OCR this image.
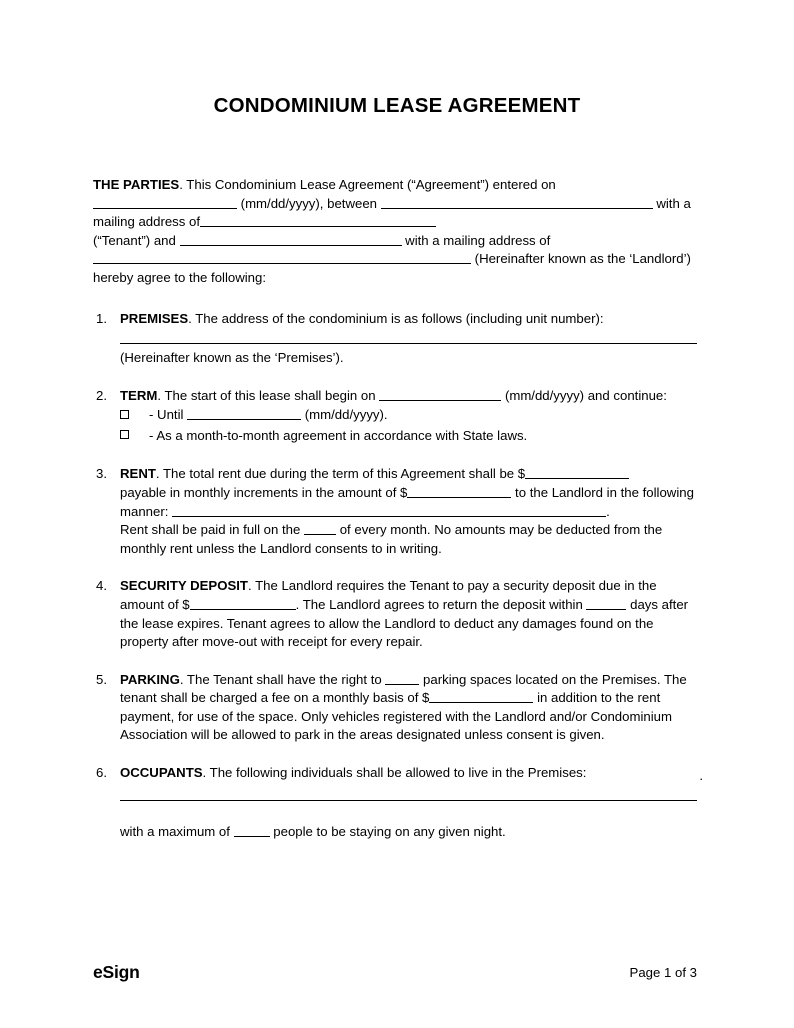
CONDOMINIUM LEASE AGREEMENT

THE PARTIES. This Condominium Lease Agreement (“Agreement”) entered on
(mm/dd/yyyy), between	with a mailing address of
(“Tenant”) and	with a mailing address of
(Hereinafter known as the ‘Landlord’) hereby agree to the following:

1. PREMISES. The address of the condominium is as follows (including unit number):
(Hereinafter known as the ‘Premises’).
2. TERM. The start of this lease shall begin on	(mm/dd/yyyy) and continue:
- Until	(mm/dd/yyyy).
- As a month-to-month agreement in accordance with State laws.
3. RENT. The total rent due during the term of this Agreement shall be $
payable in monthly increments in the amount of $	to the Landlord in the following manner:	.
Rent shall be paid in full on the	of every month. No amounts may be deducted from the monthly rent unless the Landlord consents to in writing.
4. SECURITY DEPOSIT. The Landlord requires the Tenant to pay a security deposit due in the amount of $	. The Landlord agrees to return the deposit within	days after the lease expires. Tenant agrees to allow the Landlord to deduct any damages found on the property after move-out with receipt for every repair.
5. PARKING. The Tenant shall have the right to	parking spaces located on the Premises. The tenant shall be charged a fee on a monthly basis of $	in addition to the rent payment, for use of the space. Only vehicles registered with the Landlord and/or Condominium Association will be allowed to park in the areas designated unless consent is given.
6. OCCUPANTS. The following individuals shall be allowed to live in the Premises:	.
with a maximum of	people to be staying on any given night.
eSign	Page 1 of 3
